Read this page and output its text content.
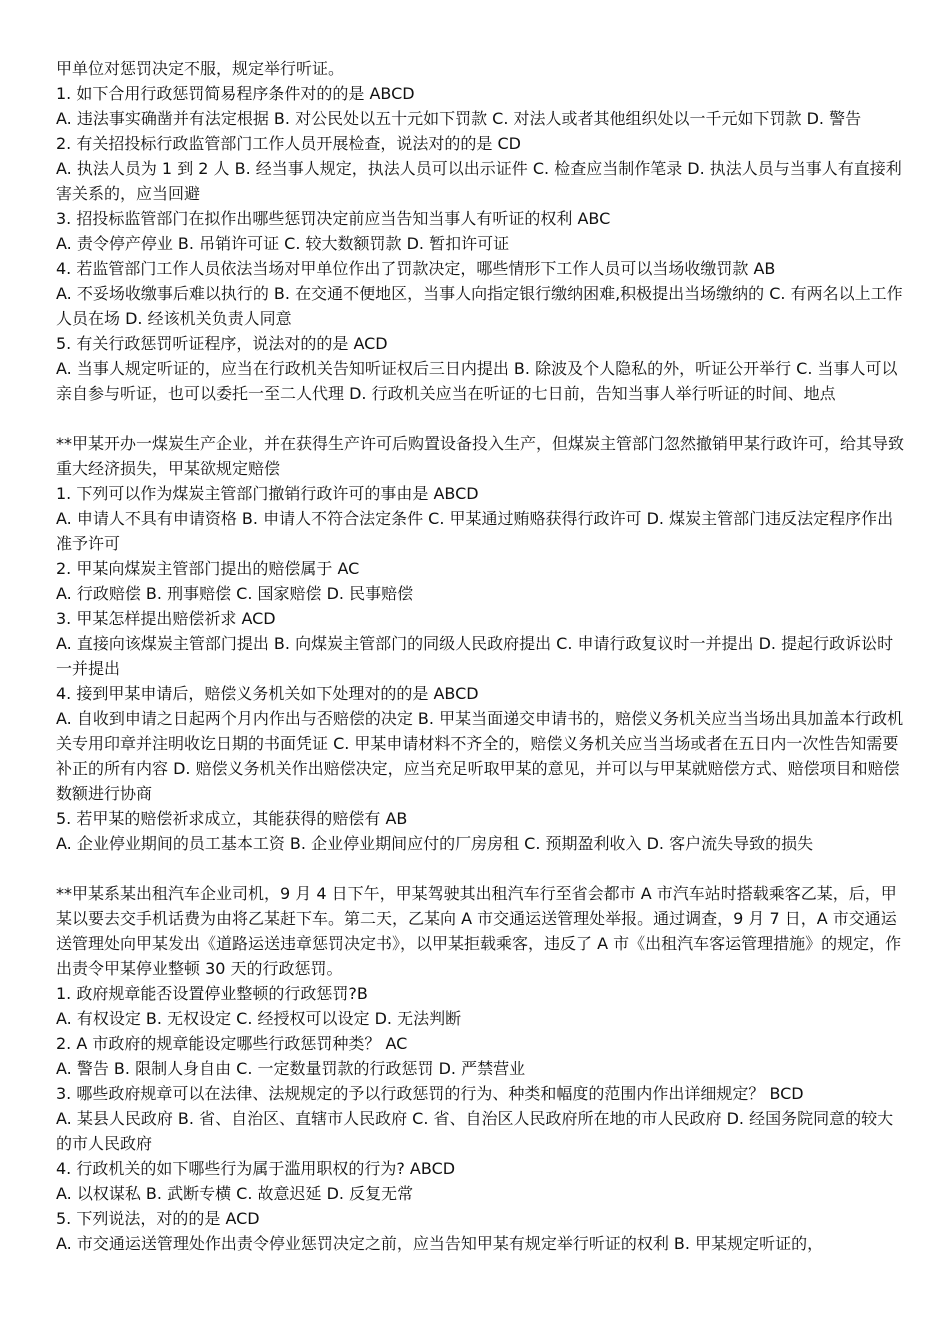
甲单位对惩罚决定不服，规定举行听证。

1. 如下合用行政惩罚简易程序条件对的的是 ABCD

A. 违法事实确凿并有法定根据 B. 对公民处以五十元如下罚款 C. 对法人或者其他组织处以一千元如下罚款 D. 警告

2. 有关招投标行政监管部门工作人员开展检查，说法对的的是 CD

A. 执法人员为 1 到 2 人 B. 经当事人规定，执法人员可以出示证件 C. 检查应当制作笔录 D. 执法人员与当事人有直接利害关系的，应当回避

3. 招投标监管部门在拟作出哪些惩罚决定前应当告知当事人有听证的权利 ABC

A. 责令停产停业 B. 吊销许可证 C. 较大数额罚款 D. 暂扣许可证

4. 若监管部门工作人员依法当场对甲单位作出了罚款决定，哪些情形下工作人员可以当场收缴罚款 AB

A. 不妥场收缴事后难以执行的 B. 在交通不便地区，当事人向指定银行缴纳困难,积极提出当场缴纳的 C. 有两名以上工作人员在场 D. 经该机关负责人同意

5. 有关行政惩罚听证程序，说法对的的是 ACD

A. 当事人规定听证的，应当在行政机关告知听证权后三日内提出 B. 除波及个人隐私的外，听证公开举行 C. 当事人可以亲自参与听证，也可以委托一至二人代理 D. 行政机关应当在听证的七日前，告知当事人举行听证的时间、地点

**甲某开办一煤炭生产企业，并在获得生产许可后购置设备投入生产，但煤炭主管部门忽然撤销甲某行政许可，给其导致重大经济损失，甲某欲规定赔偿

1. 下列可以作为煤炭主管部门撤销行政许可的事由是 ABCD

A. 申请人不具有申请资格 B. 申请人不符合法定条件 C. 甲某通过贿赂获得行政许可 D. 煤炭主管部门违反法定程序作出准予许可

2. 甲某向煤炭主管部门提出的赔偿属于 AC

A. 行政赔偿 B. 刑事赔偿 C. 国家赔偿 D. 民事赔偿

3. 甲某怎样提出赔偿祈求 ACD

A. 直接向该煤炭主管部门提出 B. 向煤炭主管部门的同级人民政府提出 C. 申请行政复议时一并提出 D. 提起行政诉讼时一并提出

4. 接到甲某申请后，赔偿义务机关如下处理对的的是 ABCD

A. 自收到申请之日起两个月内作出与否赔偿的决定 B. 甲某当面递交申请书的，赔偿义务机关应当当场出具加盖本行政机关专用印章并注明收讫日期的书面凭证 C. 甲某申请材料不齐全的，赔偿义务机关应当当场或者在五日内一次性告知需要补正的所有内容 D. 赔偿义务机关作出赔偿决定，应当充足听取甲某的意见，并可以与甲某就赔偿方式、赔偿项目和赔偿数额进行协商

5. 若甲某的赔偿祈求成立，其能获得的赔偿有 AB

A. 企业停业期间的员工基本工资 B. 企业停业期间应付的厂房房租 C. 预期盈利收入 D. 客户流失导致的损失

**甲某系某出租汽车企业司机，9 月 4 日下午，甲某驾驶其出租汽车行至省会都市 A 市汽车站时搭载乘客乙某，后，甲某以要去交手机话费为由将乙某赶下车。第二天，乙某向 A 市交通运送管理处举报。通过调查，9 月 7 日，A 市交通运送管理处向甲某发出《道路运送违章惩罚决定书》，以甲某拒载乘客，违反了 A 市《出租汽车客运管理措施》的规定，作出责令甲某停业整顿 30 天的行政惩罚。

1. 政府规章能否设置停业整顿的行政惩罚?B

A. 有权设定 B. 无权设定 C. 经授权可以设定 D. 无法判断

2. A 市政府的规章能设定哪些行政惩罚种类？ AC

A. 警告 B. 限制人身自由 C. 一定数量罚款的行政惩罚 D. 严禁营业

3. 哪些政府规章可以在法律、法规规定的予以行政惩罚的行为、种类和幅度的范围内作出详细规定？ BCD

A. 某县人民政府 B. 省、自治区、直辖市人民政府 C. 省、自治区人民政府所在地的市人民政府 D. 经国务院同意的较大的市人民政府

4. 行政机关的如下哪些行为属于滥用职权的行为? ABCD

A. 以权谋私 B. 武断专横 C. 故意迟延 D. 反复无常

5. 下列说法，对的的是 ACD

A. 市交通运送管理处作出责令停业惩罚决定之前，应当告知甲某有规定举行听证的权利 B. 甲某规定听证的，
